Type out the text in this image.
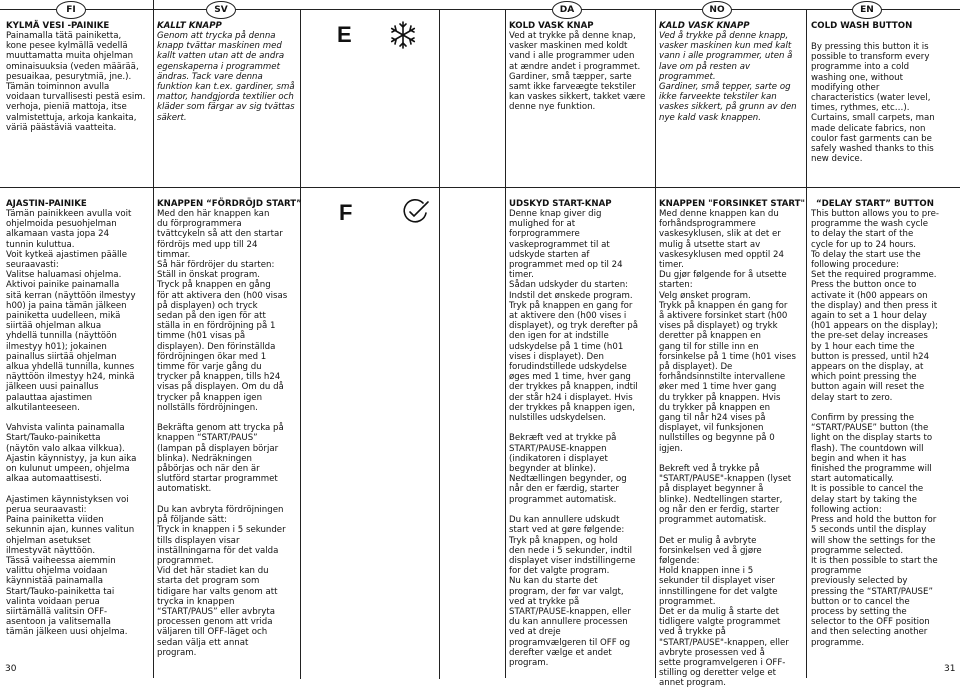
FI	SV	DA	NO	EN
E
KYLMÄ VESI -PAINIKE
Painamalla tätä painiketta,
kone pesee kylmällä vedellä
muuttamatta muita ohjelman
ominaisuuksia (veden määrää,
pesuaikaa, pesurytmiä, jne.).
Tämän toiminnon avulla
voidaan turvallisesti pestä esim.
verhoja, pieniä mattoja, itse
valmistettuja, arkoja kankaita,
väriä päästäviä vaatteita.
KALLT KNAPP
Genom att trycka på denna
knapp tvättar maskinen med
kallt vatten utan att de andra
egenskaperna i programmet
ändras. Tack vare denna
funktion kan t.ex. gardiner, små
mattor, handgjorda textilier och
kläder som färgar av sig tvättas
säkert.
KOLD VASK KNAP
Ved at trykke på denne knap,
vasker maskinen med koldt
vand i alle programmer uden
at ændre andet i programmet.
Gardiner, små tæpper, sarte
samt ikke farveægte tekstiler
kan vaskes sikkert, takket være
denne nye funktion.
KALD VASK KNAPP
Ved å trykke på denne knapp,
vasker maskinen kun med kalt
vann i alle programmer, uten å
lave om på resten av
programmet.
Gardiner, små tepper, sarte og
ikke farveekte tekstiler kan
vaskes sikkert, på grunn av den
nye kald vask knappen.
COLD WASH BUTTON
By pressing this button it is
possible to transform every
programme into a cold
washing one, without
modifying other
characteristics (water level,
times, rythmes, etc…).
Curtains, small carpets, man
made delicate fabrics, non
coulor fast garments can be
safely washed thanks to this
new device.
F
AJASTIN-PAINIKE
Tämän painikkeen avulla voit
ohjelmoida pesuohjelman
alkamaan vasta jopa 24
tunnin kuluttua.
Voit kytkeä ajastimen päälle
seuraavasti:
Valitse haluamasi ohjelma.
Aktivoi painike painamalla
sitä kerran (näyttöön ilmestyy
h00) ja paina tämän jälkeen
painiketta uudelleen, mikä
siirtää ohjelman alkua
yhdellä tunnilla (näyttöön
ilmestyy h01); jokainen
painallus siirtää ohjelman
alkua yhdellä tunnilla, kunnes
näyttöön ilmestyy h24, minkä
jälkeen uusi painallus
palauttaa ajastimen
alkutilanteeseen.

Vahvista valinta painamalla
Start/Tauko-painiketta
(näytön valo alkaa vilkkua).
Ajastin käynnistyy, ja kun aika
on kulunut umpeen, ohjelma
alkaa automaattisesti.

Ajastimen käynnistyksen voi
perua seuraavasti:
Paina painiketta viiden
sekunnin ajan, kunnes valitun
ohjelman asetukset
ilmestyvät näyttöön.
Tässä vaiheessa aiemmin
valittu ohjelma voidaan
käynnistää painamalla
Start/Tauko-painiketta tai
valinta voidaan perua
siirtämällä valitsin OFF-
asentoon ja valitsemalla
tämän jälkeen uusi ohjelma.
KNAPPEN “FÖRDRÖJD START”
Med den här knappen kan
du förprogrammera
tvättcykeln så att den startar
fördröjs med upp till 24
timmar.
Så här fördröjer du starten:
Ställ in önskat program.
Tryck på knappen en gång
för att aktivera den (h00 visas
på displayen) och tryck
sedan på den igen för att
ställa in en fördröjning på 1
timme (h01 visas på
displayen). Den förinställda
fördröjningen ökar med 1
timme för varje gång du
trycker på knappen, tills h24
visas på displayen. Om du då
trycker på knappen igen
nollställs fördröjningen.

Bekräfta genom att trycka på
knappen “START/PAUS”
(lampan på displayen börjar
blinka). Nedräkningen
påbörjas och när den är
slutförd startar programmet
automatiskt.

Du kan avbryta fördröjningen
på följande sätt:
Tryck in knappen i 5 sekunder
tills displayen visar
inställningarna för det valda
programmet.
Vid det här stadiet kan du
starta det program som
tidigare har valts genom att
trycka in knappen
“START/PAUS” eller avbryta
processen genom att vrida
väljaren till OFF-läget och
sedan välja ett annat
program.
UDSKYD START-KNAP
Denne knap giver dig
mulighed for at
forprogrammere
vaskeprogrammet til at
udskyde starten af
programmet med op til 24
timer.
Sådan udskyder du starten:
Indstil det ønskede program.
Tryk på knappen en gang for
at aktivere den (h00 vises i
displayet), og tryk derefter på
den igen for at indstille
udskydelse på 1 time (h01
vises i displayet). Den
forudindstillede udskydelse
øges med 1 time, hver gang
der trykkes på knappen, indtil
der står h24 i displayet. Hvis
der trykkes på knappen igen,
nulstilles udskydelsen.

Bekræft ved at trykke på
START/PAUSE-knappen
(indikatoren i displayet
begynder at blinke).
Nedtællingen begynder, og
når den er færdig, starter
programmet automatisk.

Du kan annullere udskudt
start ved at gøre følgende:
Tryk på knappen, og hold
den nede i 5 sekunder, indtil
displayet viser indstillingerne
for det valgte program.
Nu kan du starte det
program, der før var valgt,
ved at trykke på
START/PAUSE-knappen, eller
du kan annullere processen
ved at dreje
programvælgeren til OFF og
derefter vælge et andet
program.
KNAPPEN "FORSINKET START"
Med denne knappen kan du
forhåndsprogrammere
vaskesyklusen, slik at det er
mulig å utsette start av
vaskesyklusen med opptil 24
timer.
Du gjør følgende for å utsette
starten:
Velg ønsket program.
Trykk på knappen én gang for
å aktivere forsinket start (h00
vises på displayet) og trykk
deretter på knappen en
gang til for stille inn en
forsinkelse på 1 time (h01 vises
på displayet). De
forhåndsinnstilte intervallene
øker med 1 time hver gang
du trykker på knappen. Hvis
du trykker på knappen en
gang til når h24 vises på
displayet, vil funksjonen
nullstilles og begynne på 0
igjen.

Bekreft ved å trykke på
"START/PAUSE"-knappen (lyset
på displayet begynner å
blinke). Nedtellingen starter,
og når den er ferdig, starter
programmet automatisk.

Det er mulig å avbryte
forsinkelsen ved å gjøre
følgende:
Hold knappen inne i 5
sekunder til displayet viser
innstillingene for det valgte
programmet.
Det er da mulig å starte det
tidligere valgte programmet
ved å trykke på
"START/PAUSE"-knappen, eller
avbryte prosessen ved å
sette programvelgeren i OFF-
stilling og deretter velge et
annet program.
“DELAY START” BUTTON
This button allows you to pre-
programme the wash cycle
to delay the start of the
cycle for up to 24 hours.
To delay the start use the
following procedure:
Set the required programme.
Press the button once to
activate it (h00 appears on
the display) and then press it
again to set a 1 hour delay
(h01 appears on the display);
the pre-set delay increases
by 1 hour each time the
button is pressed, until h24
appears on the display, at
which point pressing the
button again will reset the
delay start to zero.

Confirm by pressing the
“START/PAUSE” button (the
light on the display starts to
flash). The countdown will
begin and when it has
finished the programme will
start automatically.
It is possible to cancel the
delay start by taking the
following action:
Press and hold the button for
5 seconds until the display
will show the settings for the
programme selected.
It is then possible to start the
programme
previously selected by
pressing the “START/PAUSE”
button or to cancel the
process by setting the
selector to the OFF position
and then selecting another
programme.
30	31
